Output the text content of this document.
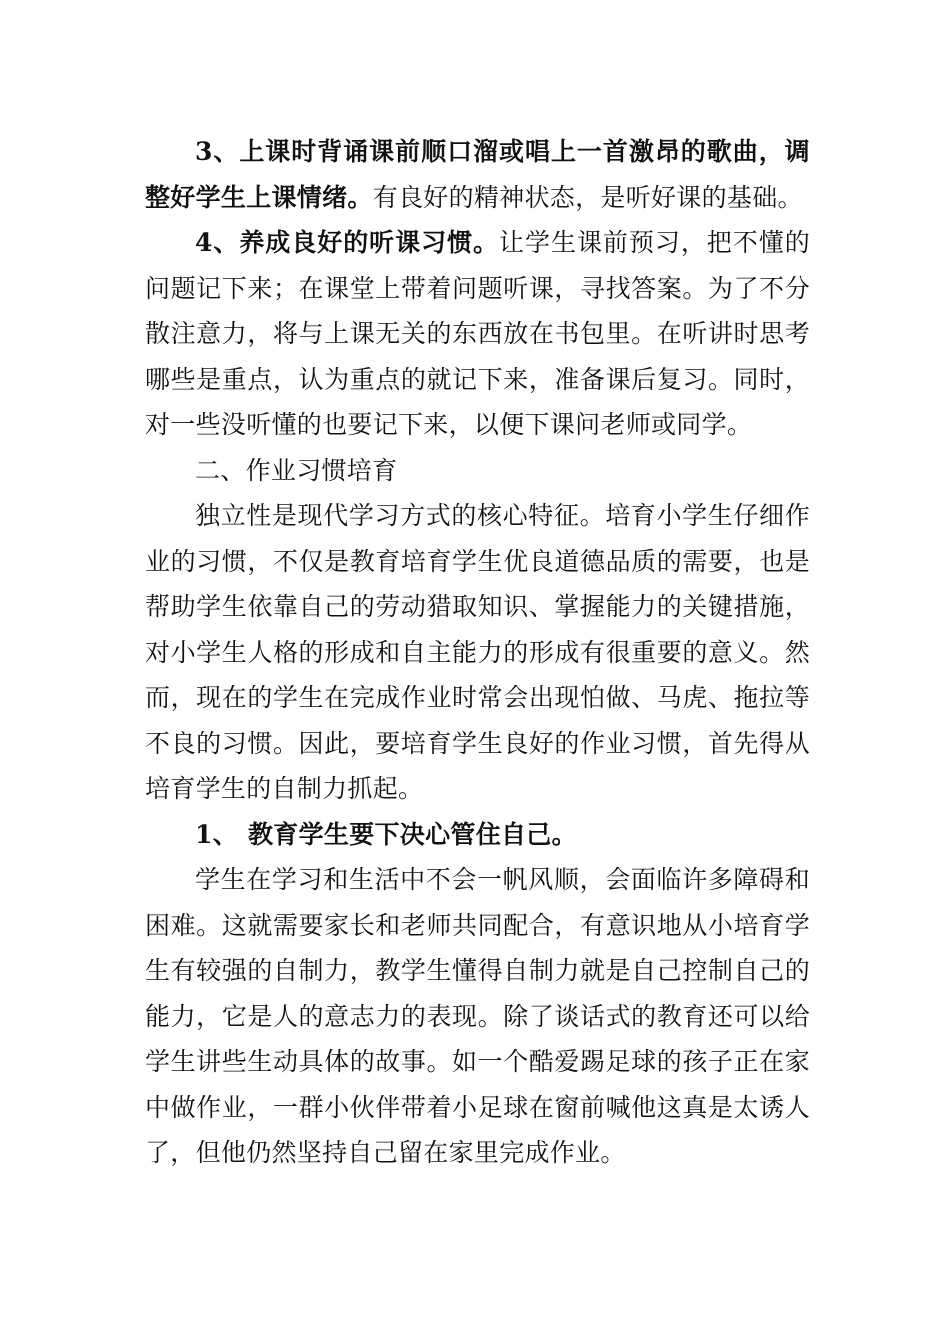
3、上课时背诵课前顺口溜或唱上一首激昂的歌曲，调整好学生上课情绪。有良好的精神状态，是听好课的基础。

4、养成良好的听课习惯。让学生课前预习，把不懂的问题记下来；在课堂上带着问题听课，寻找答案。为了不分散注意力，将与上课无关的东西放在书包里。在听讲时思考哪些是重点，认为重点的就记下来，准备课后复习。同时，对一些没听懂的也要记下来，以便下课问老师或同学。

二、作业习惯培育

独立性是现代学习方式的核心特征。培育小学生仔细作业的习惯，不仅是教育培育学生优良道德品质的需要，也是帮助学生依靠自己的劳动猎取知识、掌握能力的关键措施，对小学生人格的形成和自主能力的形成有很重要的意义。然而，现在的学生在完成作业时常会出现怕做、马虎、拖拉等不良的习惯。因此，要培育学生良好的作业习惯，首先得从培育学生的自制力抓起。

1、 教育学生要下决心管住自己。

学生在学习和生活中不会一帆风顺，会面临许多障碍和困难。这就需要家长和老师共同配合，有意识地从小培育学生有较强的自制力，教学生懂得自制力就是自己控制自己的能力，它是人的意志力的表现。除了谈话式的教育还可以给学生讲些生动具体的故事。如一个酷爱踢足球的孩子正在家中做作业，一群小伙伴带着小足球在窗前喊他这真是太诱人了，但他仍然坚持自己留在家里完成作业。
